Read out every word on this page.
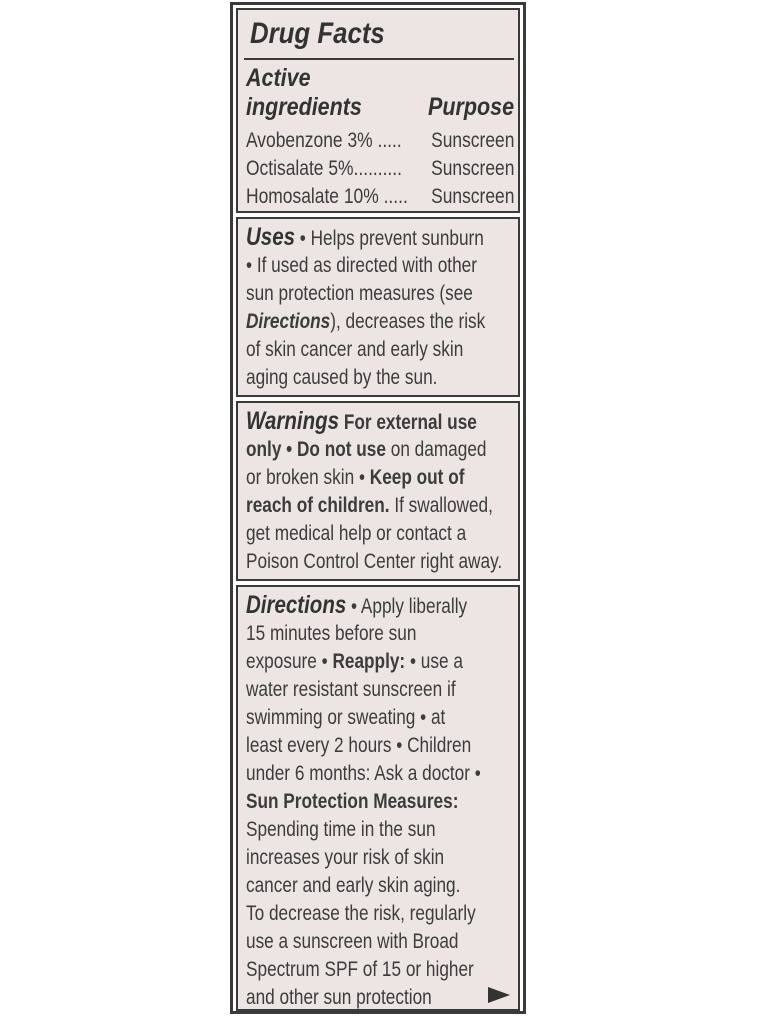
Drug Facts
Active
ingredients	Purpose
Avobenzone 3% ..... Sunscreen
Octisalate 5%.......... Sunscreen
Homosalate 10% ..... Sunscreen
Uses • Helps prevent sunburn
• If used as directed with other
sun protection measures (see
Directions), decreases the risk
of skin cancer and early skin
aging caused by the sun.
Warnings For external use
only • Do not use on damaged
or broken skin • Keep out of
reach of children. If swallowed,
get medical help or contact a
Poison Control Center right away.
Directions • Apply liberally
15 minutes before sun
exposure • Reapply: • use a
water resistant sunscreen if
swimming or sweating • at
least every 2 hours • Children
under 6 months: Ask a doctor •
Sun Protection Measures:
Spending time in the sun
increases your risk of skin
cancer and early skin aging.
To decrease the risk, regularly
use a sunscreen with Broad
Spectrum SPF of 15 or higher
and other sun protection
